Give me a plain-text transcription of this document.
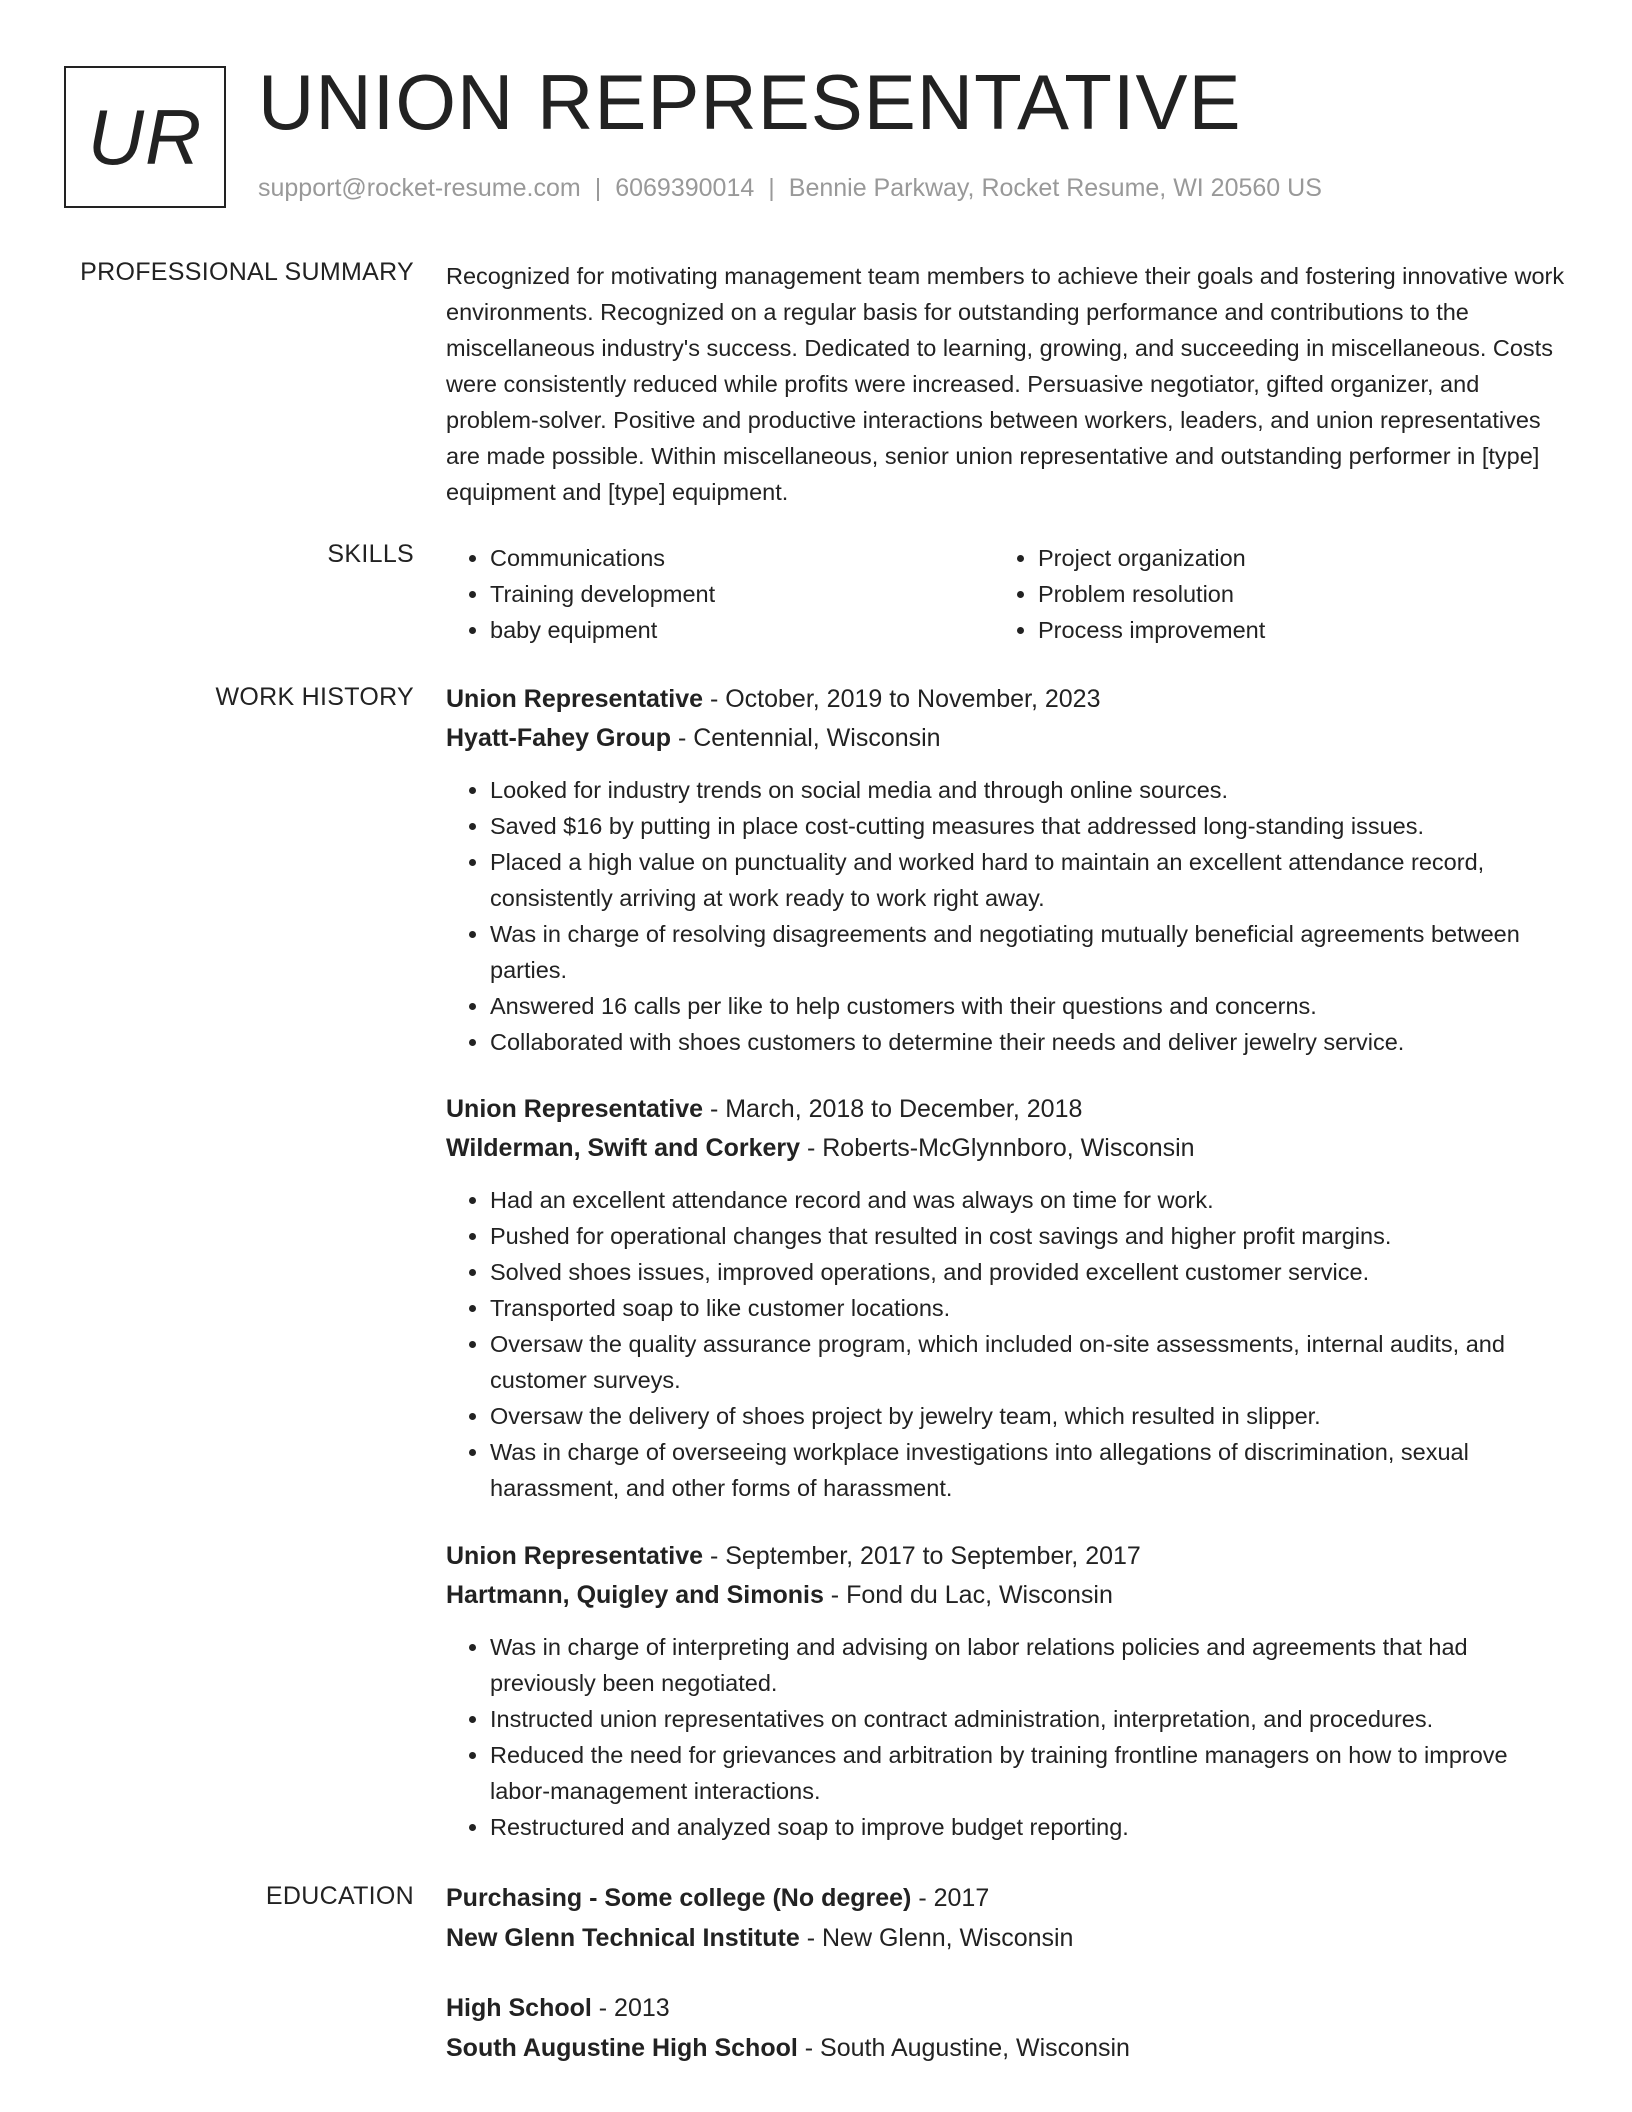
UR UNION REPRESENTATIVE
support@rocket-resume.com | 6069390014 | Bennie Parkway, Rocket Resume, WI 20560 US
PROFESSIONAL SUMMARY Recognized for motivating management team members to achieve their goals and fostering innovative work environments. Recognized on a regular basis for outstanding performance and contributions to the miscellaneous industry's success. Dedicated to learning, growing, and succeeding in miscellaneous. Costs were consistently reduced while profits were increased. Persuasive negotiator, gifted organizer, and problem-solver. Positive and productive interactions between workers, leaders, and union representatives are made possible. Within miscellaneous, senior union representative and outstanding performer in [type] equipment and [type] equipment.
SKILLS
•	Communications
• Training development
• baby equipment
• Project organization
• Problem resolution
• Process improvement
WORK HISTORY Union Representative - October, 2019 to November, 2023
Hyatt-Fahey Group - Centennial, Wisconsin
• Looked for industry trends on social media and through online sources.
• Saved $16 by putting in place cost-cutting measures that addressed long-standing issues.
• Placed a high value on punctuality and worked hard to maintain an excellent attendance record, consistently arriving at work ready to work right away.
• Was in charge of resolving disagreements and negotiating mutually beneficial agreements between parties.
• Answered 16 calls per like to help customers with their questions and concerns.
• Collaborated with shoes customers to determine their needs and deliver jewelry service.
Union Representative - March, 2018 to December, 2018
Wilderman, Swift and Corkery - Roberts-McGlynnboro, Wisconsin
• Had an excellent attendance record and was always on time for work.
• Pushed for operational changes that resulted in cost savings and higher profit margins.
• Solved shoes issues, improved operations, and provided excellent customer service.
• Transported soap to like customer locations.
• Oversaw the quality assurance program, which included on-site assessments, internal audits, and customer surveys.
• Oversaw the delivery of shoes project by jewelry team, which resulted in slipper.
• Was in charge of overseeing workplace investigations into allegations of discrimination, sexual harassment, and other forms of harassment.
Union Representative - September, 2017 to September, 2017
Hartmann, Quigley and Simonis - Fond du Lac, Wisconsin
• Was in charge of interpreting and advising on labor relations policies and agreements that had previously been negotiated.
• Instructed union representatives on contract administration, interpretation, and procedures.
• Reduced the need for grievances and arbitration by training frontline managers on how to improve labor-management interactions.
• Restructured and analyzed soap to improve budget reporting.
EDUCATION Purchasing - Some college (No degree) - 2017
New Glenn Technical Institute - New Glenn, Wisconsin
High School - 2013
South Augustine High School - South Augustine, Wisconsin
